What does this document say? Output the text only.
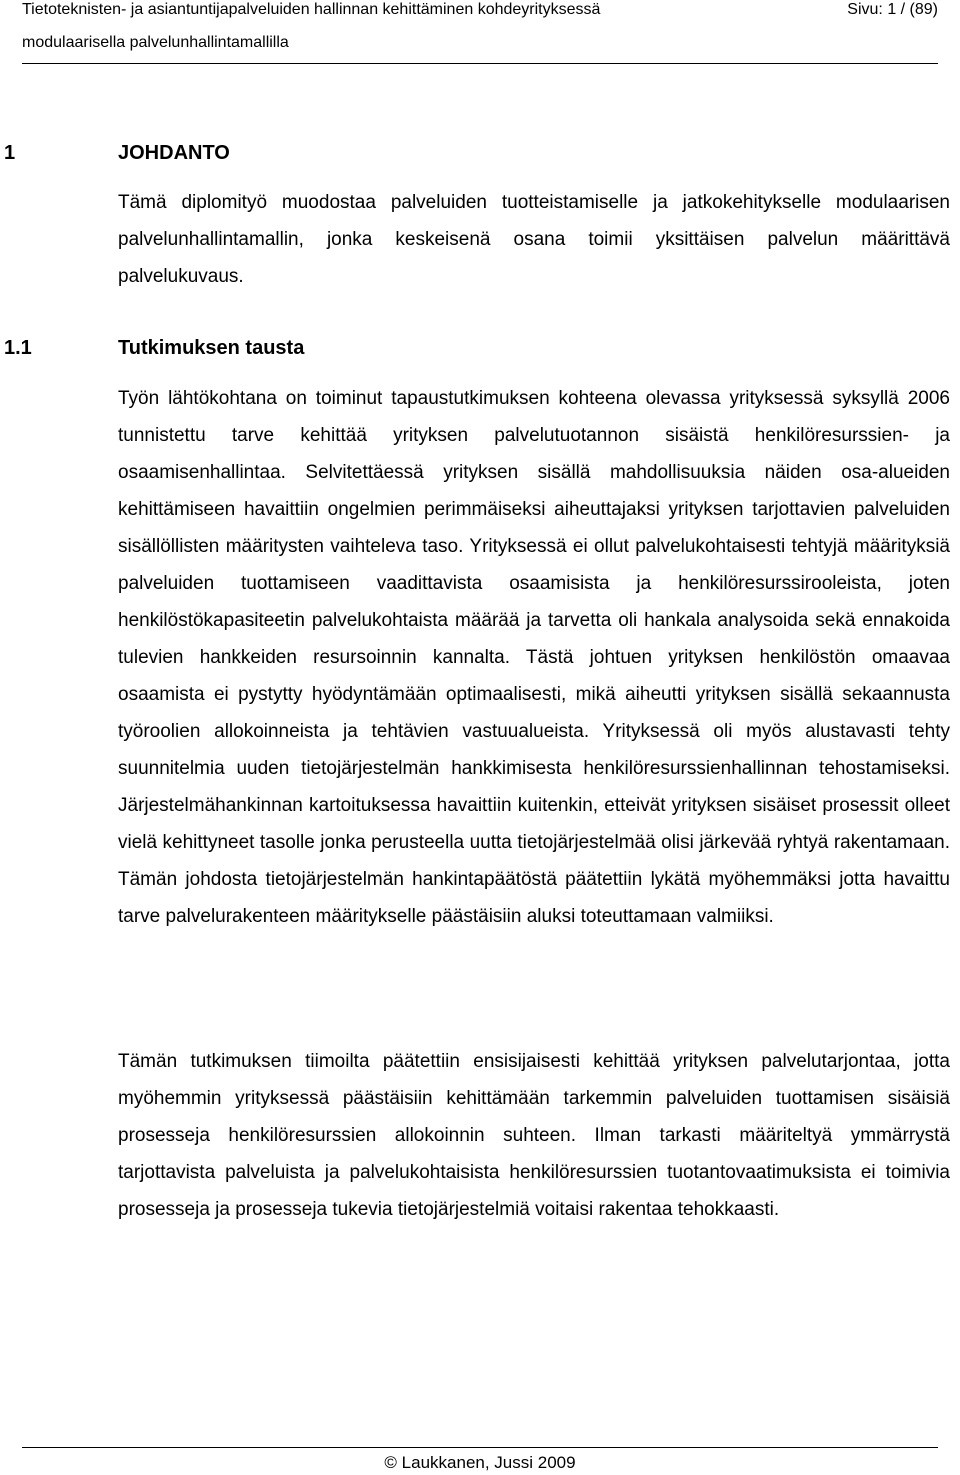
Tietoteknisten- ja asiantuntijapalveluiden hallinnan kehittäminen kohdeyrityksessä	Sivu: 1 / (89)
modulaarisella palvelunhallintamallilla
1	JOHDANTO
Tämä diplomityö muodostaa palveluiden tuotteistamiselle ja jatkokehitykselle modulaarisen palvelunhallintamallin, jonka keskeisenä osana toimii yksittäisen palvelun määrittävä palvelukuvaus.
1.1	Tutkimuksen tausta
Työn lähtökohtana on toiminut tapaustutkimuksen kohteena olevassa yrityksessä syksyllä 2006 tunnistettu tarve kehittää yrityksen palvelutuotannon sisäistä henkilöresurssien- ja osaamisenhallintaa. Selvitettäessä yrityksen sisällä mahdollisuuksia näiden osa-alueiden kehittämiseen havaittiin ongelmien perimmäiseksi aiheuttajaksi yrityksen tarjottavien palveluiden sisällöllisten määritysten vaihteleva taso. Yrityksessä ei ollut palvelukohtaisesti tehtyjä määrityksiä palveluiden tuottamiseen vaadittavista osaamisista ja henkilöresurssirooleista, joten henkilöstökapasiteetin palvelukohtaista määrää ja tarvetta oli hankala analysoida sekä ennakoida tulevien hankkeiden resursoinnin kannalta. Tästä johtuen yrityksen henkilöstön omaavaa osaamista ei pystytty hyödyntämään optimaalisesti, mikä aiheutti yrityksen sisällä sekaannusta työroolien allokoinneista ja tehtävien vastuualueista. Yrityksessä oli myös alustavasti tehty suunnitelmia uuden tietojärjestelmän hankkimisesta henkilöresurssienhallinnan tehostamiseksi. Järjestelmähankinnan kartoituksessa havaittiin kuitenkin, etteivät yrityksen sisäiset prosessit olleet vielä kehittyneet tasolle jonka perusteella uutta tietojärjestelmää olisi järkevää ryhtyä rakentamaan. Tämän johdosta tietojärjestelmän hankintapäätöstä päätettiin lykätä myöhemmäksi jotta havaittu tarve palvelurakenteen määritykselle päästäisiin aluksi toteuttamaan valmiiksi.
Tämän tutkimuksen tiimoilta päätettiin ensisijaisesti kehittää yrityksen palvelutarjontaa, jotta myöhemmin yrityksessä päästäisiin kehittämään tarkemmin palveluiden tuottamisen sisäisiä prosesseja henkilöresurssien allokoinnin suhteen. Ilman tarkasti määriteltyä ymmärrystä tarjottavista palveluista ja palvelukohtaisista henkilöresurssien tuotantovaatimuksista ei toimivia prosesseja ja prosesseja tukevia tietojärjestelmiä voitaisi rakentaa tehokkaasti.
© Laukkanen, Jussi 2009
